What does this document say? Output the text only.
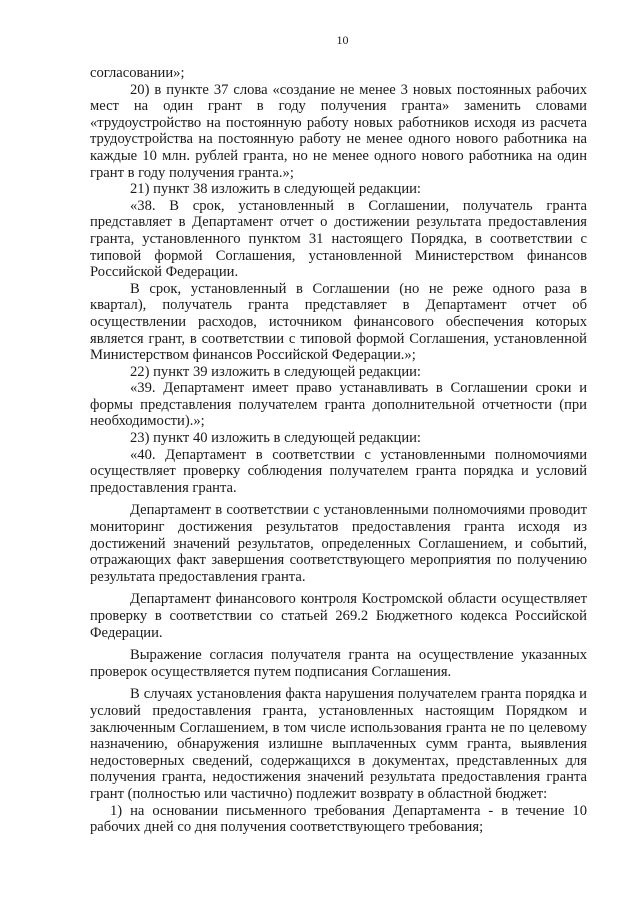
10

согласовании»;

20) в пункте 37 слова «создание не менее 3 новых постоянных рабочих мест на один грант в году получения гранта» заменить словами «трудоустройство на постоянную работу новых работников исходя из расчета трудоустройства на постоянную работу не менее одного нового работника на каждые 10 млн. рублей гранта, но не менее одного нового работника на один грант в году получения гранта.»;

21) пункт 38 изложить в следующей редакции:

«38. В срок, установленный в Соглашении, получатель гранта представляет в Департамент отчет о достижении результата предоставления гранта, установленного пунктом 31 настоящего Порядка, в соответствии с типовой формой Соглашения, установленной Министерством финансов Российской Федерации.

В срок, установленный в Соглашении (но не реже одного раза в квартал), получатель гранта представляет в Департамент отчет об осуществлении расходов, источником финансового обеспечения которых является грант, в соответствии с типовой формой Соглашения, установленной Министерством финансов Российской Федерации.»;

22) пункт 39 изложить в следующей редакции:

«39. Департамент имеет право устанавливать в Соглашении сроки и формы представления получателем гранта дополнительной отчетности (при необходимости).»;

23) пункт 40 изложить в следующей редакции:

«40. Департамент в соответствии с установленными полномочиями осуществляет проверку соблюдения получателем гранта порядка и условий предоставления гранта.

Департамент в соответствии с установленными полномочиями проводит мониторинг достижения результатов предоставления гранта исходя из достижений значений результатов, определенных Соглашением, и событий, отражающих факт завершения соответствующего мероприятия по получению результата предоставления гранта.

Департамент финансового контроля Костромской области осуществляет проверку в соответствии со статьей 269.2 Бюджетного кодекса Российской Федерации.

Выражение согласия получателя гранта на осуществление указанных проверок осуществляется путем подписания Соглашения.

В случаях установления факта нарушения получателем гранта порядка и условий предоставления гранта, установленных настоящим Порядком и заключенным Соглашением, в том числе использования гранта не по целевому назначению, обнаружения излишне выплаченных сумм гранта, выявления недостоверных сведений, содержащихся в документах, представленных для получения гранта, недостижения значений результата предоставления гранта грант (полностью или частично) подлежит возврату в областной бюджет:

1) на основании письменного требования Департамента - в течение 10 рабочих дней со дня получения соответствующего требования;
